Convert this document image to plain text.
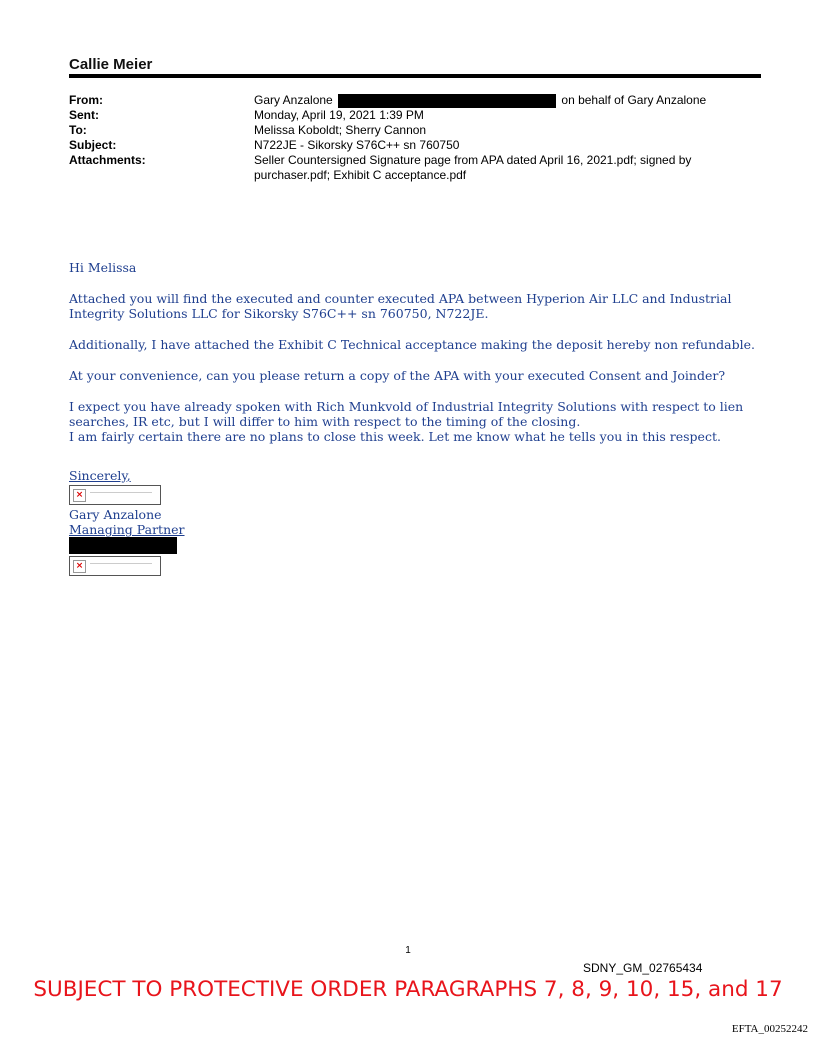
Callie Meier
From:	Gary Anzalone	on behalf of Gary Anzalone
Sent:	Monday, April 19, 2021 1:39 PM
To:	Melissa Koboldt; Sherry Cannon
Subject:	N722JE - Sikorsky S76C++ sn 760750
Attachments:	Seller Countersigned Signature page from APA dated April 16, 2021.pdf; signed by
purchaser.pdf; Exhibit C acceptance.pdf

Hi Melissa

Attached you will find the executed and counter executed APA between Hyperion Air LLC and Industrial Integrity Solutions LLC for Sikorsky S76C++ sn 760750, N722JE.

Additionally, I have attached the Exhibit C Technical acceptance making the deposit hereby non refundable.

At your convenience, can you please return a copy of the APA with your executed Consent and Joinder?

I expect you have already spoken with Rich Munkvold of Industrial Integrity Solutions with respect to lien searches, IR etc, but I will differ to him with respect to the timing of the closing.
I am fairly certain there are no plans to close this week. Let me know what he tells you in this respect.

Sincerely,
×
Gary Anzalone
Managing Partner
×
1
SDNY_GM_02765434
SUBJECT TO PROTECTIVE ORDER PARAGRAPHS 7, 8, 9, 10, 15, and 17
EFTA_00252242
